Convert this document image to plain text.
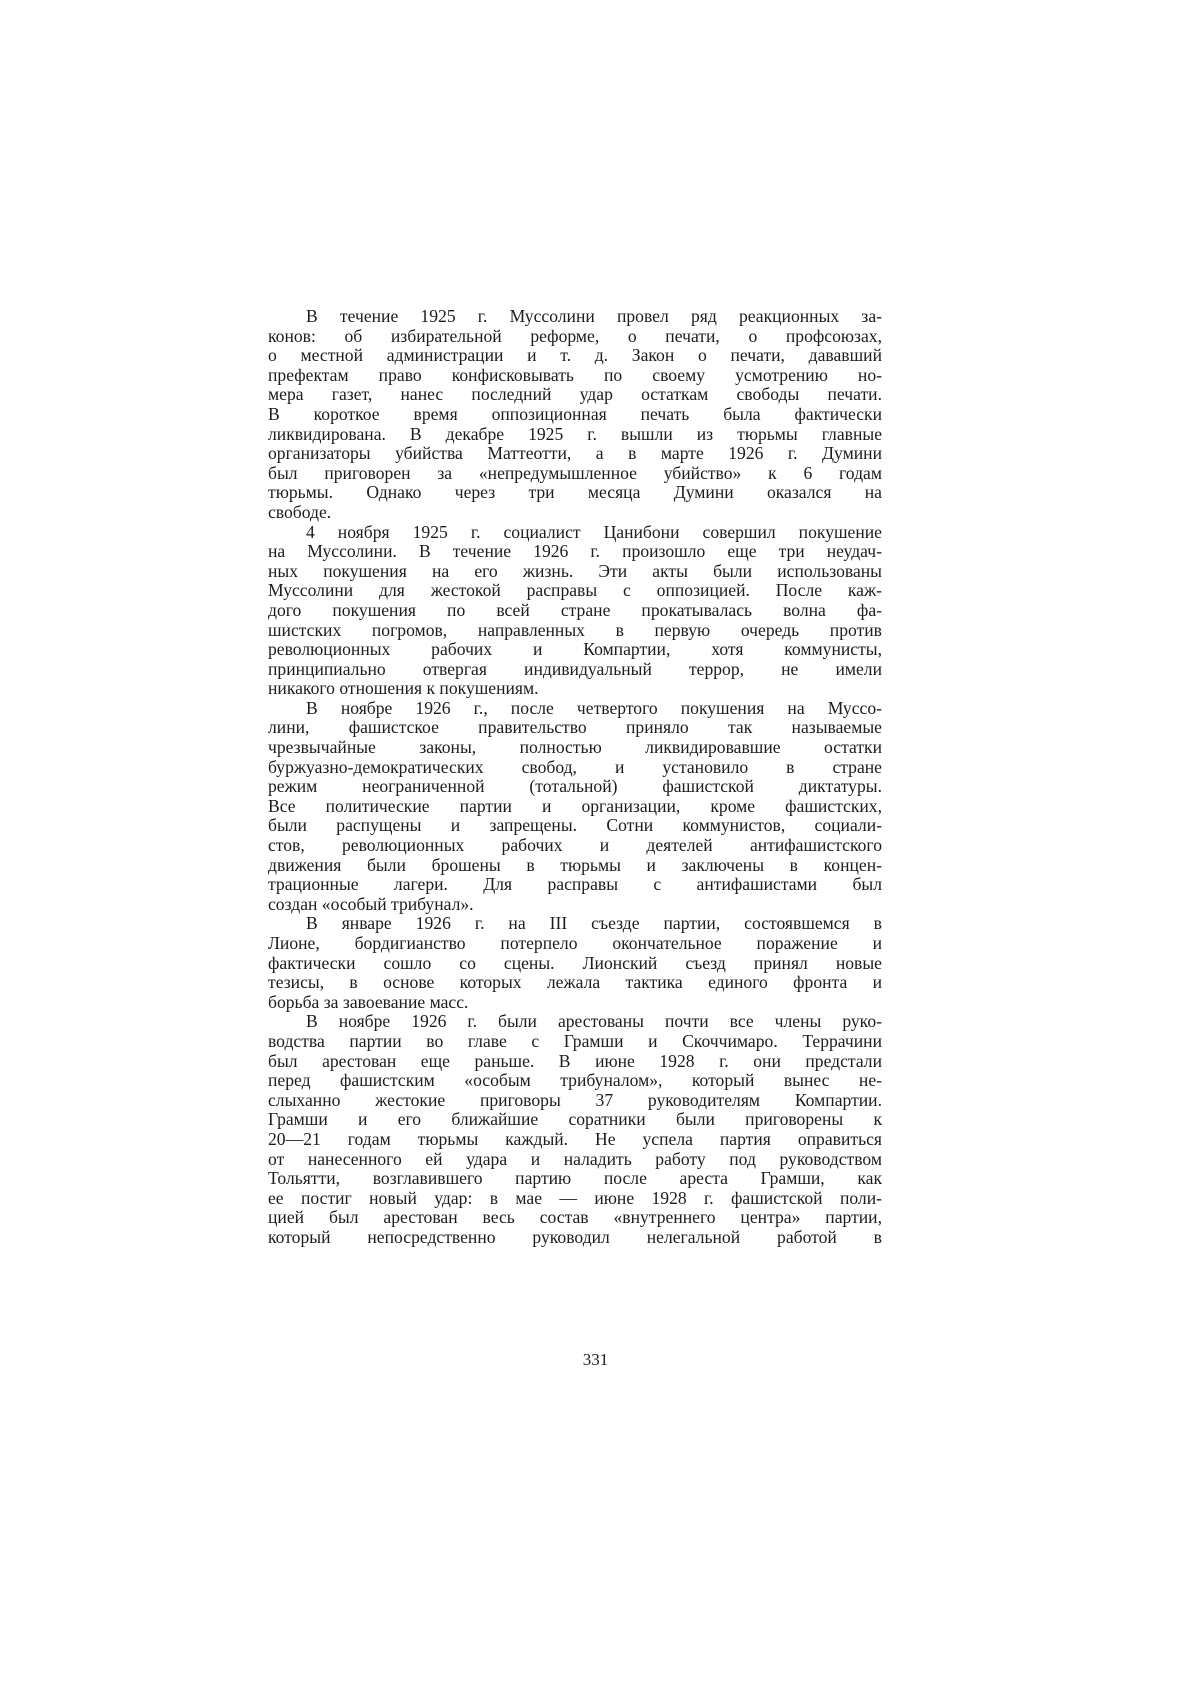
В течение 1925 г. Муссолини провел ряд реакционных за-
конов: об избирательной реформе, о печати, о профсоюзах,
о местной администрации и т. д. Закон о печати, дававший
префектам право конфисковывать по своему усмотрению но-
мера газет, нанес последний удар остаткам свободы печати.
В короткое время оппозиционная печать была фактически
ликвидирована. В декабре 1925 г. вышли из тюрьмы главные
организаторы убийства Маттеотти, а в марте 1926 г. Думини
был приговорен за «непредумышленное убийство» к 6 годам
тюрьмы. Однако через три месяца Думини оказался на
свободе.
4 ноября 1925 г. социалист Цанибони совершил покушение
на Муссолини. В течение 1926 г. произошло еще три неудач-
ных покушения на его жизнь. Эти акты были использованы
Муссолини для жестокой расправы с оппозицией. После каж-
дого покушения по всей стране прокатывалась волна фа-
шистских погромов, направленных в первую очередь против
революционных рабочих и Компартии, хотя коммунисты,
принципиально отвергая индивидуальный террор, не имели
никакого отношения к покушениям.
В ноябре 1926 г., после четвертого покушения на Муссо-
лини, фашистское правительство приняло так называемые
чрезвычайные законы, полностью ликвидировавшие остатки
буржуазно-демократических свобод, и установило в стране
режим неограниченной (тотальной) фашистской диктатуры.
Все политические партии и организации, кроме фашистских,
были распущены и запрещены. Сотни коммунистов, социали-
стов, революционных рабочих и деятелей антифашистского
движения были брошены в тюрьмы и заключены в концен-
трационные лагери. Для расправы с антифашистами был
создан «особый трибунал».
В январе 1926 г. на III съезде партии, состоявшемся в
Лионе, бордигианство потерпело окончательное поражение и
фактически сошло со сцены. Лионский съезд принял новые
тезисы, в основе которых лежала тактика единого фронта и
борьба за завоевание масс.
В ноябре 1926 г. были арестованы почти все члены руко-
водства партии во главе с Грамши и Скоччимаро. Террачини
был арестован еще раньше. В июне 1928 г. они предстали
перед фашистским «особым трибуналом», который вынес не-
слыханно жестокие приговоры 37 руководителям Компартии.
Грамши и его ближайшие соратники были приговорены к
20—21 годам тюрьмы каждый. Не успела партия оправиться
от нанесенного ей удара и наладить работу под руководством
Тольятти, возглавившего партию после ареста Грамши, как
ее постиг новый удар: в мае — июне 1928 г. фашистской поли-
цией был арестован весь состав «внутреннего центра» партии,
который непосредственно руководил нелегальной работой в
331
